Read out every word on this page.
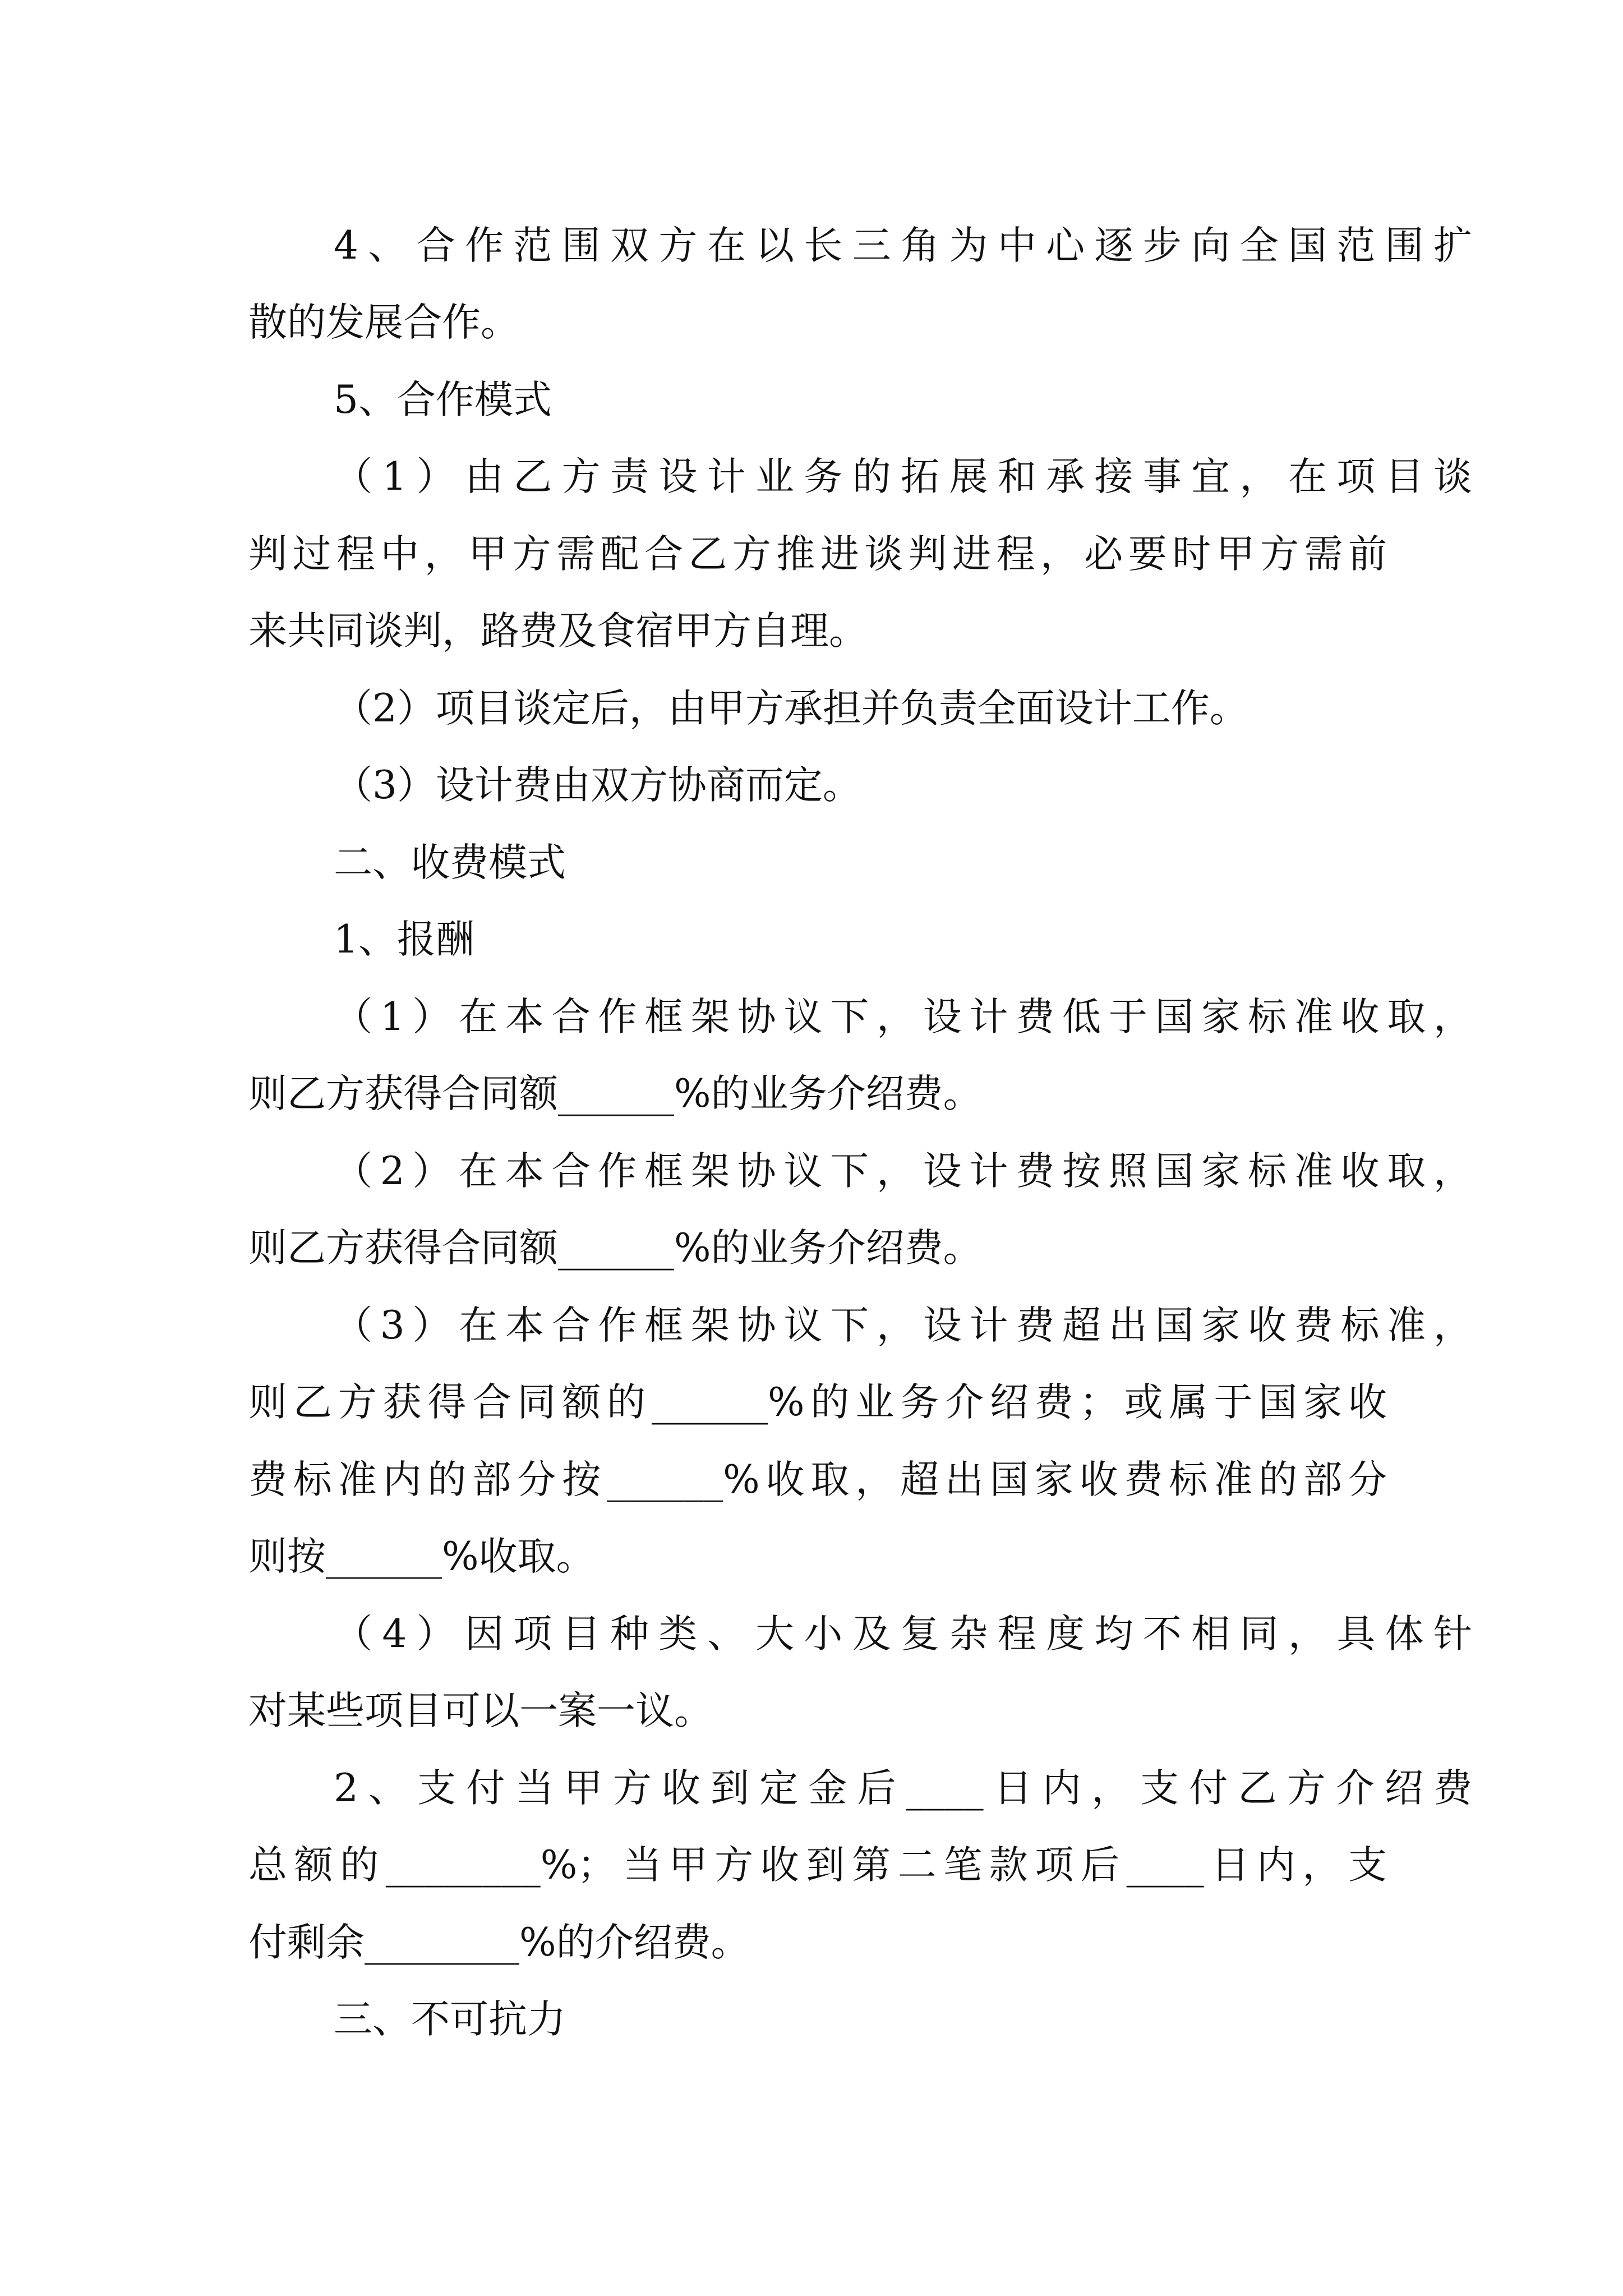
4、合作范围双方在以长三角为中心逐步向全国范围扩

散的发展合作。

5、合作模式

（1）由乙方责设计业务的拓展和承接事宜，在项目谈

判过程中，甲方需配合乙方推进谈判进程，必要时甲方需前

来共同谈判，路费及食宿甲方自理。

（2）项目谈定后，由甲方承担并负责全面设计工作。

（3）设计费由双方协商而定。

二、收费模式

1、报酬

（1）在本合作框架协议下，设计费低于国家标准收取，

则乙方获得合同额______%的业务介绍费。

（2）在本合作框架协议下，设计费按照国家标准收取，

则乙方获得合同额______%的业务介绍费。

（3）在本合作框架协议下，设计费超出国家收费标准，

则乙方获得合同额的______%的业务介绍费；或属于国家收

费标准内的部分按______%收取，超出国家收费标准的部分

则按______%收取。

（4）因项目种类、大小及复杂程度均不相同，具体针

对某些项目可以一案一议。

2、支付当甲方收到定金后____日内，支付乙方介绍费

总额的________%；当甲方收到第二笔款项后____日内，支

付剩余________%的介绍费。

三、不可抗力
